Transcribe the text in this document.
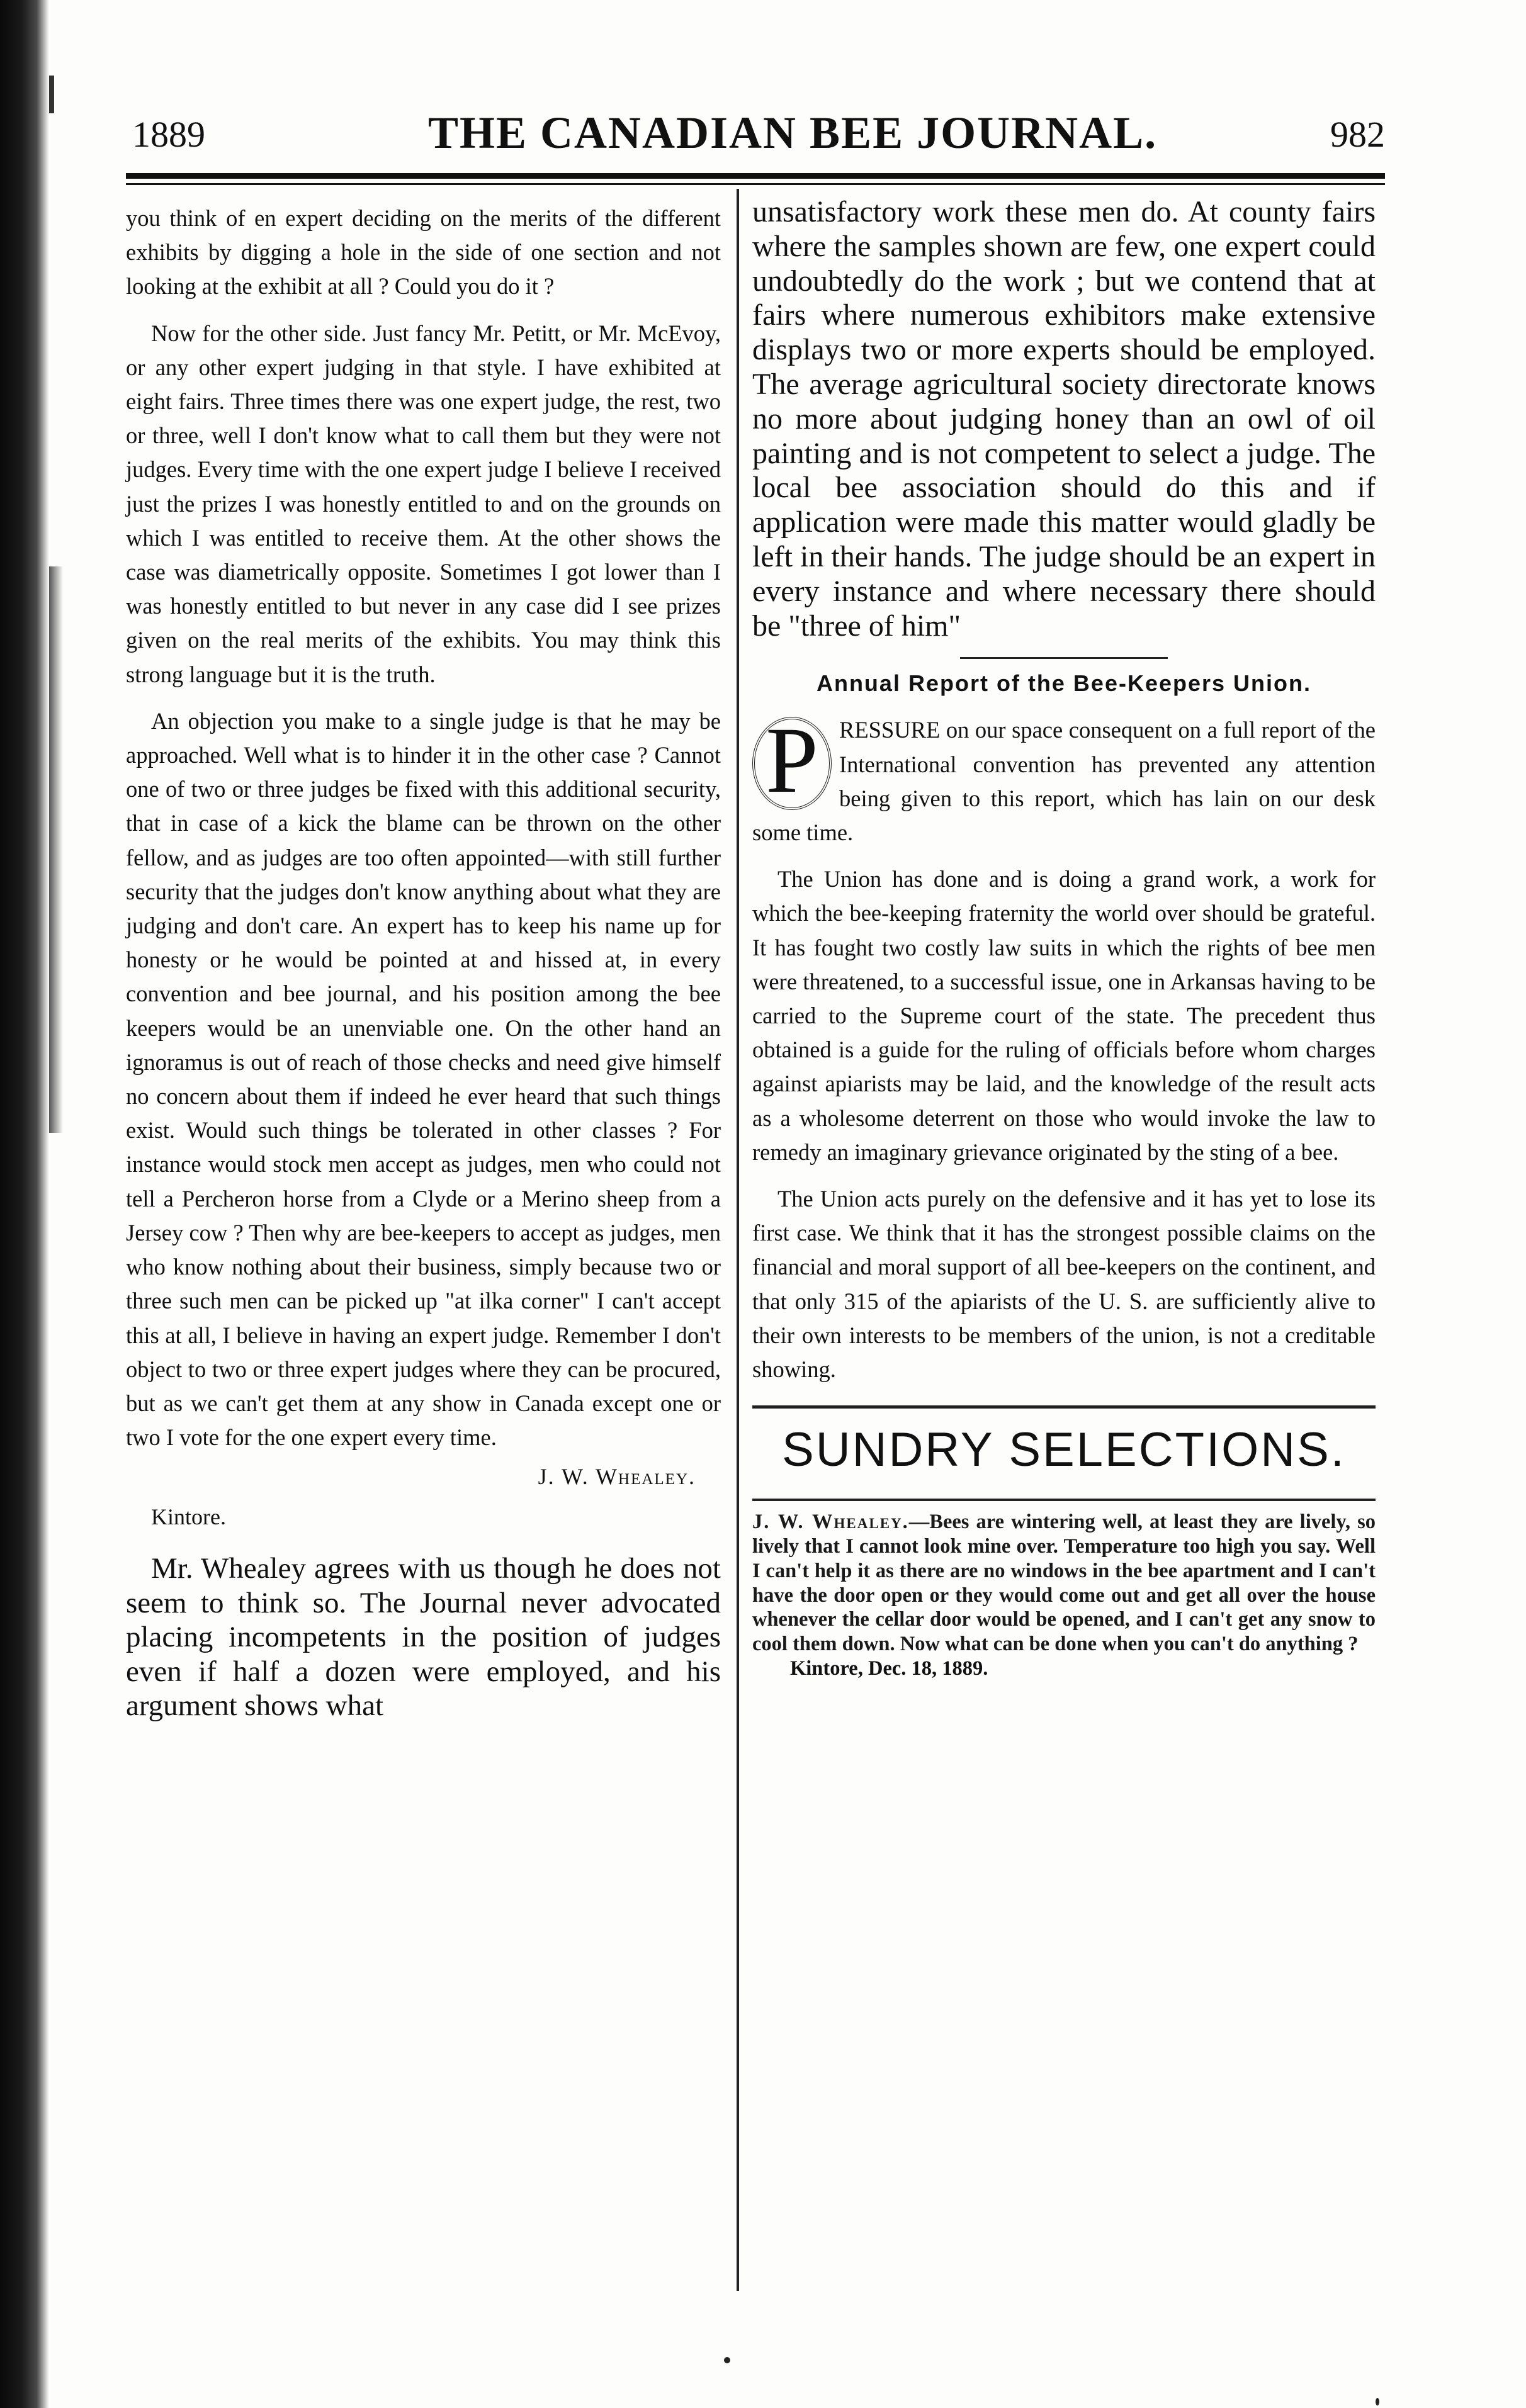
1889	THE CANADIAN BEE JOURNAL.	982

you think of en expert deciding on the merits of the different exhibits by digging a hole in the side of one section and not looking at the exhibit at all ? Could you do it ?

Now for the other side. Just fancy Mr. Petitt, or Mr. McEvoy, or any other expert judging in that style. I have exhibited at eight fairs. Three times there was one expert judge, the rest, two or three, well I don't know what to call them but they were not judges. Every time with the one expert judge I believe I received just the prizes I was honestly entitled to and on the grounds on which I was entitled to receive them. At the other shows the case was diametrically opposite. Sometimes I got lower than I was honestly entitled to but never in any case did I see prizes given on the real merits of the exhibits. You may think this strong language but it is the truth.

An objection you make to a single judge is that he may be approached. Well what is to hinder it in the other case ? Cannot one of two or three judges be fixed with this additional security, that in case of a kick the blame can be thrown on the other fellow, and as judges are too often appointed—with still further security that the judges don't know anything about what they are judging and don't care. An expert has to keep his name up for honesty or he would be pointed at and hissed at, in every convention and bee journal, and his position among the bee keepers would be an unenviable one. On the other hand an ignoramus is out of reach of those checks and need give himself no concern about them if indeed he ever heard that such things exist. Would such things be tolerated in other classes ? For instance would stock men accept as judges, men who could not tell a Percheron horse from a Clyde or a Merino sheep from a Jersey cow ? Then why are bee-keepers to accept as judges, men who know nothing about their business, simply because two or three such men can be picked up "at ilka corner" I can't accept this at all, I believe in having an expert judge. Remember I don't object to two or three expert judges where they can be procured, but as we can't get them at any show in Canada except one or two I vote for the one expert every time.

J. W. Whealey.

Kintore.

Mr. Whealey agrees with us though he does not seem to think so. The Journal never advocated placing incompetents in the position of judges even if half a dozen were employed, and his argument shows what

unsatisfactory work these men do. At county fairs where the samples shown are few, one expert could undoubtedly do the work ; but we contend that at fairs where numerous exhibitors make extensive displays two or more experts should be employed. The average agricultural society directorate knows no more about judging honey than an owl of oil painting and is not competent to select a judge. The local bee association should do this and if application were made this matter would gladly be left in their hands. The judge should be an expert in every instance and where necessary there should be "three of him"

Annual Report of the Bee-Keepers Union.

P RESSURE on our space consequent on a full report of the International convention has prevented any attention being given to this report, which has lain on our desk some time.

The Union has done and is doing a grand work, a work for which the bee-keeping fraternity the world over should be grateful. It has fought two costly law suits in which the rights of bee men were threatened, to a successful issue, one in Arkansas having to be carried to the Supreme court of the state. The precedent thus obtained is a guide for the ruling of officials before whom charges against apiarists may be laid, and the knowledge of the result acts as a wholesome deterrent on those who would invoke the law to remedy an imaginary grievance originated by the sting of a bee.

The Union acts purely on the defensive and it has yet to lose its first case. We think that it has the strongest possible claims on the financial and moral support of all bee-keepers on the continent, and that only 315 of the apiarists of the U. S. are sufficiently alive to their own interests to be members of the union, is not a creditable showing.

SUNDRY SELECTIONS.

J. W. Whealey.—Bees are wintering well, at least they are lively, so lively that I cannot look mine over. Temperature too high you say. Well I can't help it as there are no windows in the bee apartment and I can't have the door open or they would come out and get all over the house whenever the cellar door would be opened, and I can't get any snow to cool them down. Now what can be done when you can't do anything ?

Kintore, Dec. 18, 1889.
